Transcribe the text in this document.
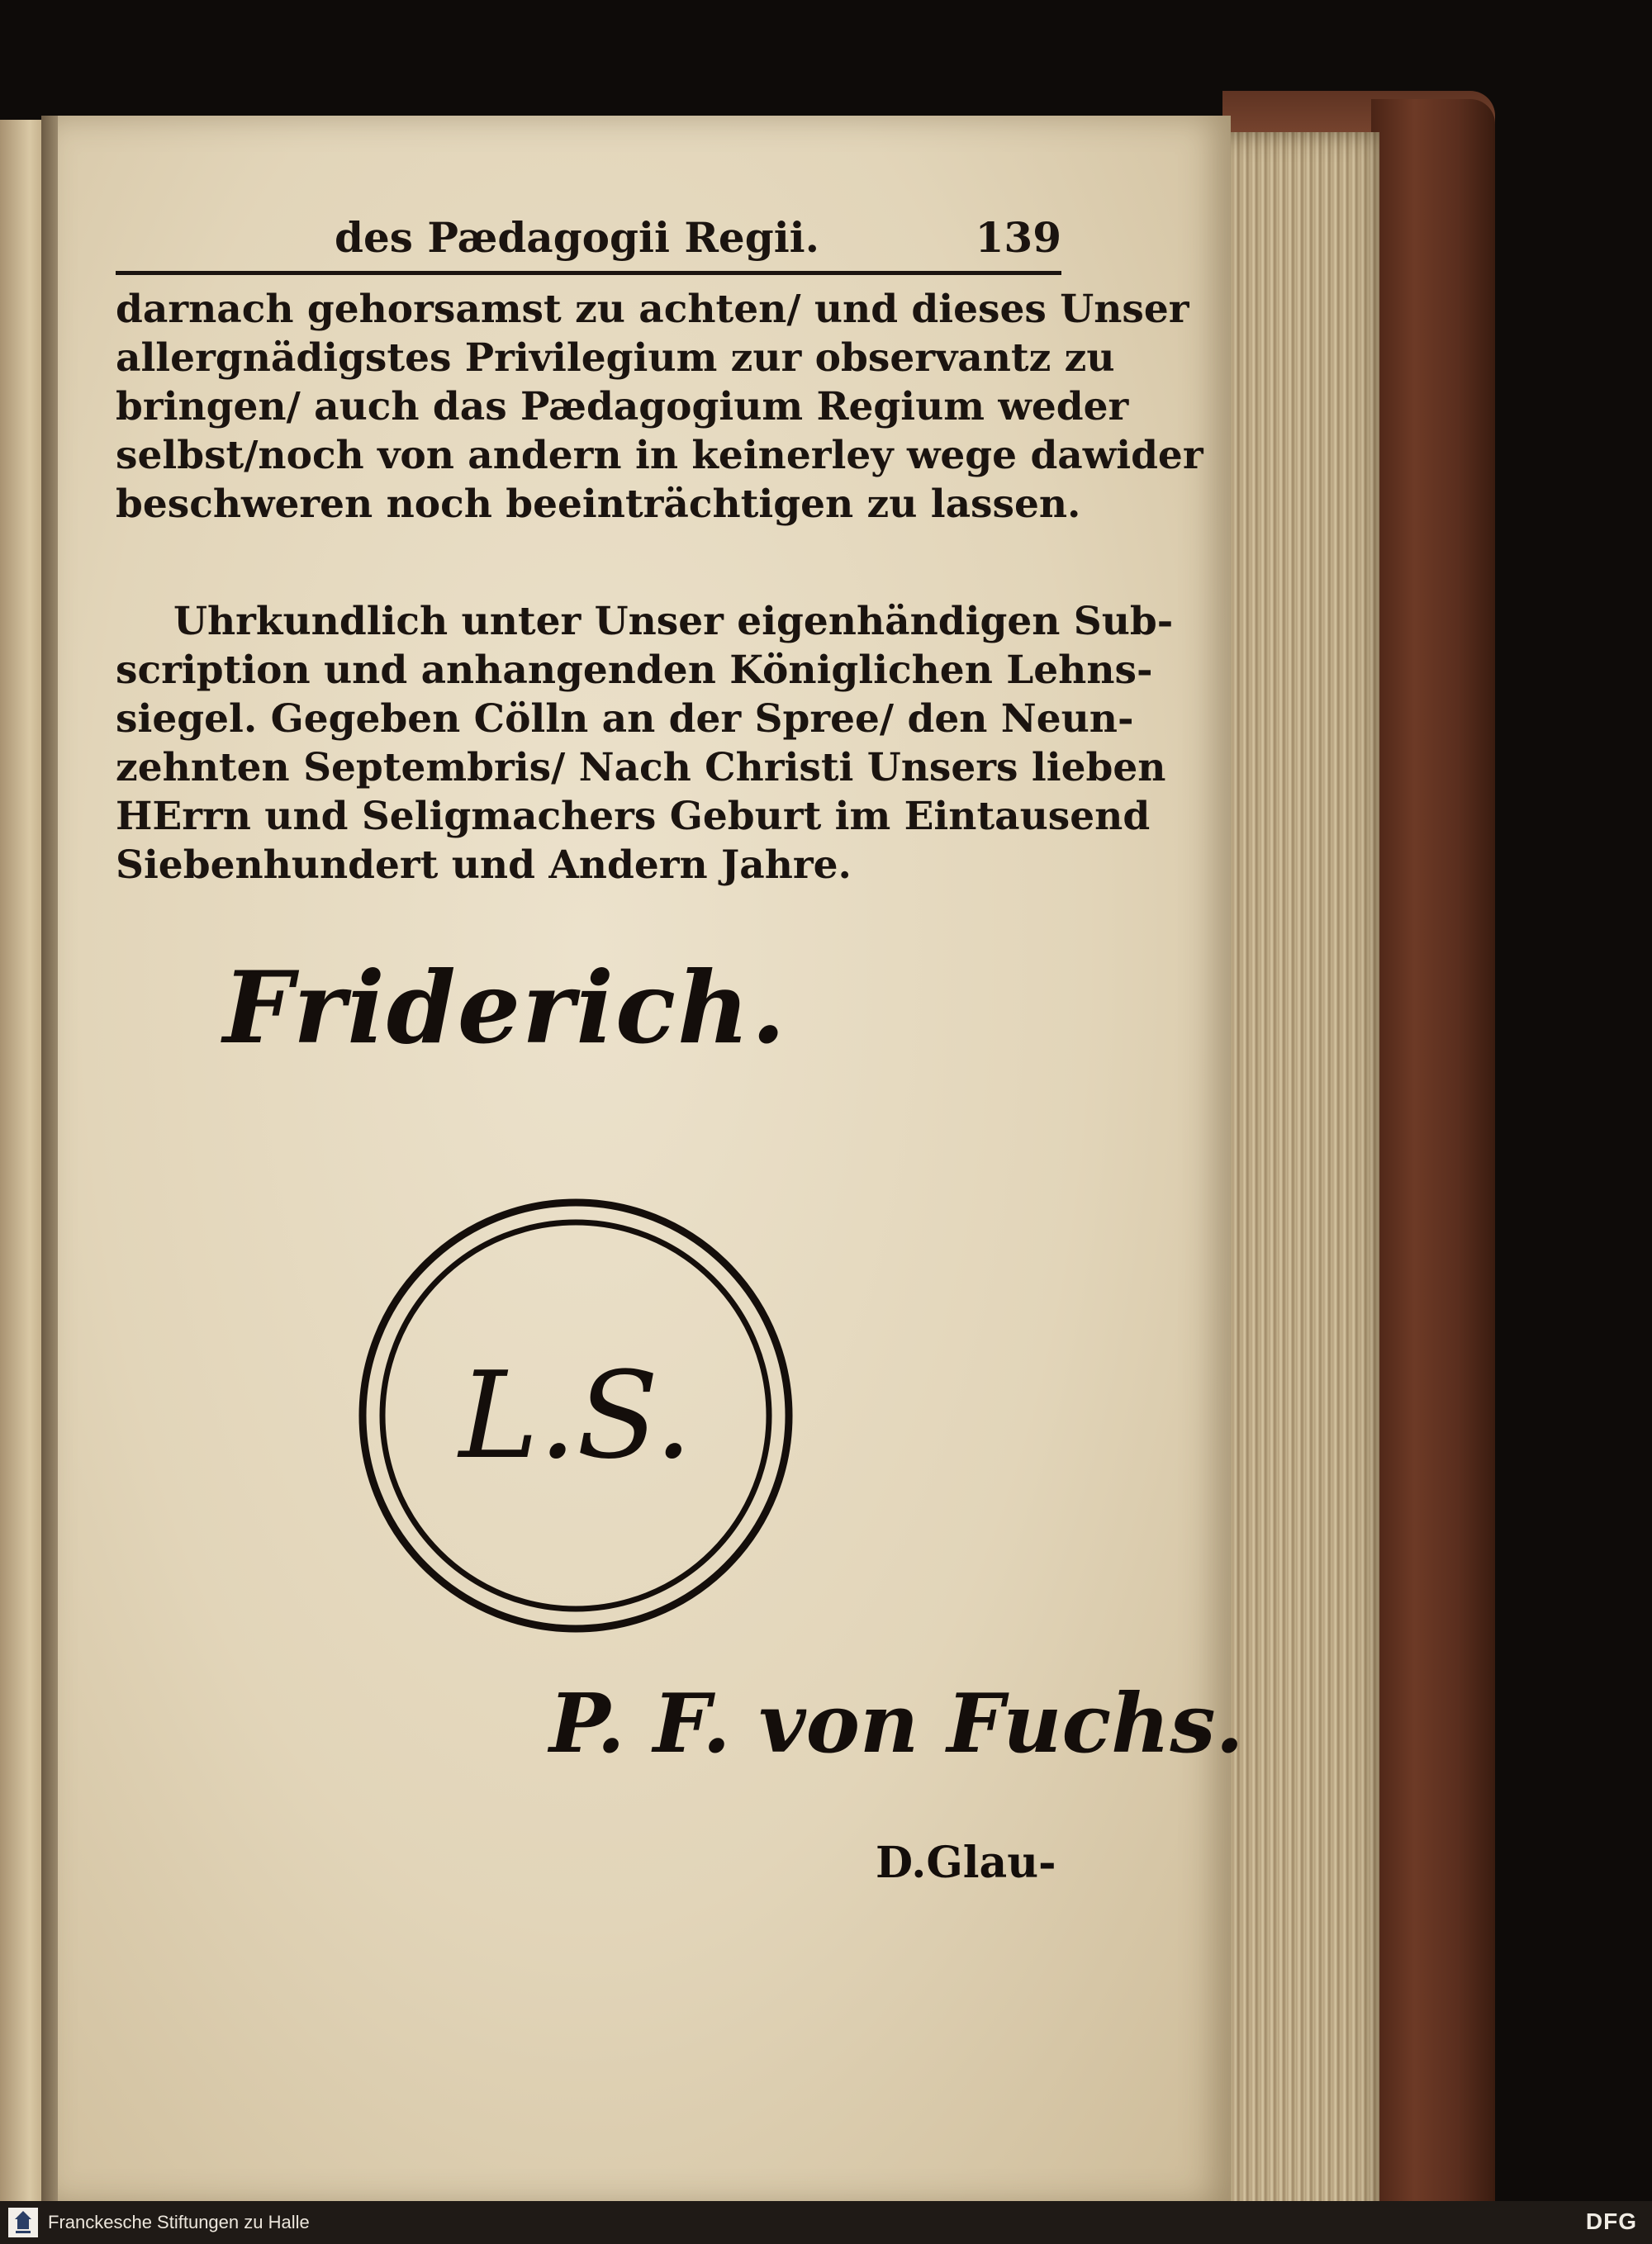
des Pædagogii Regii.	139

darnach gehorsamst zu achten/ und dieses Unser
allergnädigstes Privilegium zur observantz zu
bringen/ auch das Pædagogium Regium weder
selbst/noch von andern in keinerley wege dawider
beschweren noch beeinträchtigen zu lassen.

Uhrkundlich unter Unser eigenhändigen Sub-
scription und anhangenden Königlichen Lehns-
siegel. Gegeben Cölln an der Spree/ den Neun-
zehnten Septembris/ Nach Christi Unsers lieben
HErrn und Seligmachers Geburt im Eintausend
Siebenhundert und Andern Jahre.

Friderich.
L.S.
P. F. von Fuchs.
D.Glau-
Franckesche Stiftungen zu Halle	DFG
